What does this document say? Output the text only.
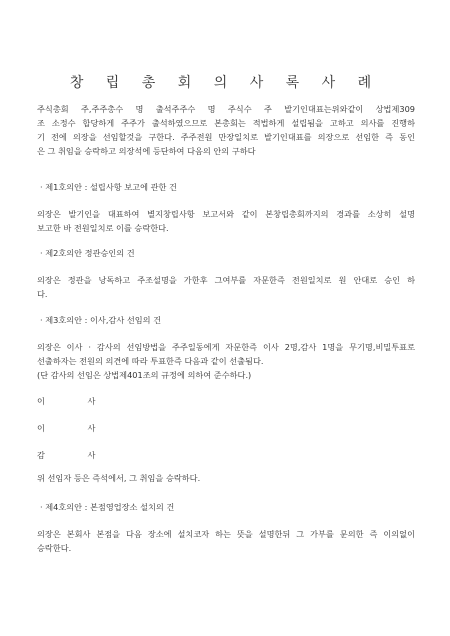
창 립 총 회 의 사 록 사 례
주식총회 주,주주총수 명 출석주주수 명 주식수 주 발기인대표는위와같이 상법제309
조 소정수 합당하게 주주가 출석하였으므로 본총회는 적법하게 설립됨을 고하고 의사를 진행하
기 전에 의장을 선임할것을 구한다. 주주전원 만장일치로 발기인대표를 의장으로 선임한 즉 동인
은 그 취임을 승락하고 의장석에 등단하여 다음의 안의 구하다
· 제1호의안 : 설립사항 보고에 관한 건
의장은 발기인을 대표하여 별지창립사항 보고서와 같이 본창립총회까지의 경과를 소상히 설명
보고한 바 전원일치로 이를 승락한다.
· 제2호의안 정관승인의 건
의장은 정관을 낭독하고 주조설명을 가한후 그여부를 자문한즉 전원일치로 원 안대로 승인 하
다.
· 제3호의안 : 이사,감사 선임의 건
의장은 이사 · 감사의 선임방법을 주주일동에게 자문한즉 이사 2명,감사 1명을 무기명,비밀투표로
선출하자는 전원의 의견에 따라 투표한즉 다음과 같이 선출됨다.
(단 감사의 선임은 상법제401조의 규정에 의하여 준수하다.)
이 사
이 사
감 사
위 선임자 등은 즉석에서, 그 취임을 승락하다.
· 제4호의안 : 본점영업장소 설치의 건
의장은 본회사 본점을 다음 장소에 설치코자 하는 뜻을 설명한뒤 그 가부를 문의한 즉 이의없이
승락한다.
